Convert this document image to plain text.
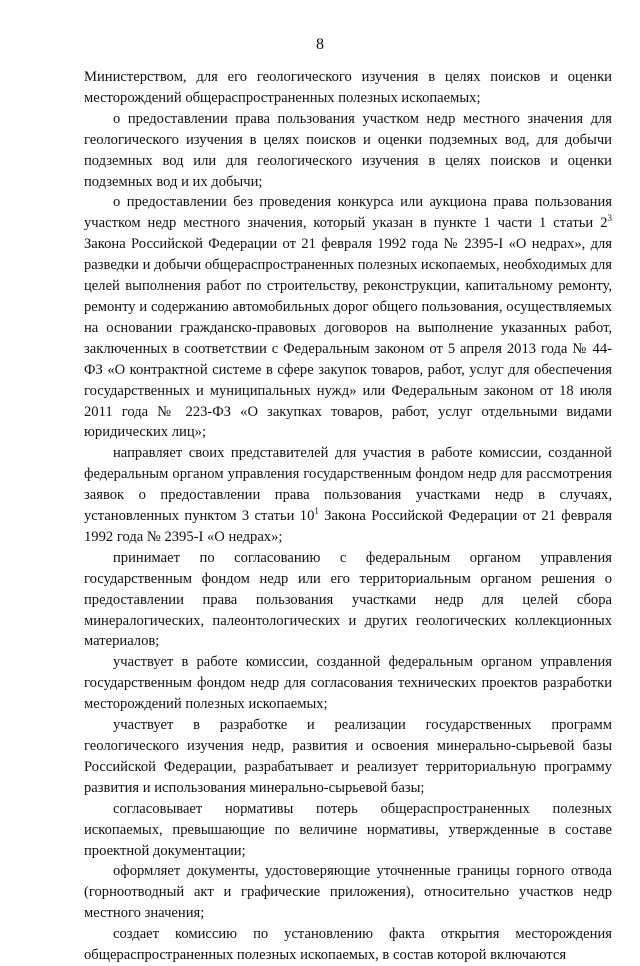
8

Министерством, для его геологического изучения в целях поисков и оценки месторождений общераспространенных полезных ископаемых;

о предоставлении права пользования участком недр местного значения для геологического изучения в целях поисков и оценки подземных вод, для добычи подземных вод или для геологического изучения в целях поисков и оценки подземных вод и их добычи;

о предоставлении без проведения конкурса или аукциона права пользования участком недр местного значения, который указан в пункте 1 части 1 статьи $2^3$ Закона Российской Федерации от 21 февраля 1992 года № 2395-I «О недрах», для разведки и добычи общераспространенных полезных ископаемых, необходимых для целей выполнения работ по строительству, реконструкции, капитальному ремонту, ремонту и содержанию автомобильных дорог общего пользования, осуществляемых на основании гражданско-правовых договоров на выполнение указанных работ, заключенных в соответствии с Федеральным законом от 5 апреля 2013 года № 44-ФЗ «О контрактной системе в сфере закупок товаров, работ, услуг для обеспечения государственных и муниципальных нужд» или Федеральным законом от 18 июля 2011 года № 223-ФЗ «О закупках товаров, работ, услуг отдельными видами юридических лиц»;

направляет своих представителей для участия в работе комиссии, созданной федеральным органом управления государственным фондом недр для рассмотрения заявок о предоставлении права пользования участками недр в случаях, установленных пунктом 3 статьи $10^1$ Закона Российской Федерации от 21 февраля 1992 года № 2395-I «О недрах»;

принимает по согласованию с федеральным органом управления государственным фондом недр или его территориальным органом решения о предоставлении права пользования участками недр для целей сбора минералогических, палеонтологических и других геологических коллекционных материалов;

участвует в работе комиссии, созданной федеральным органом управления государственным фондом недр для согласования технических проектов разработки месторождений полезных ископаемых;

участвует в разработке и реализации государственных программ геологического изучения недр, развития и освоения минерально-сырьевой базы Российской Федерации, разрабатывает и реализует территориальную программу развития и использования минерально-сырьевой базы;

согласовывает нормативы потерь общераспространенных полезных ископаемых, превышающие по величине нормативы, утвержденные в составе проектной документации;

оформляет документы, удостоверяющие уточненные границы горного отвода (горноотводный акт и графические приложения), относительно участков недр местного значения;

создает комиссию по установлению факта открытия месторождения общераспространенных полезных ископаемых, в состав которой включаются
